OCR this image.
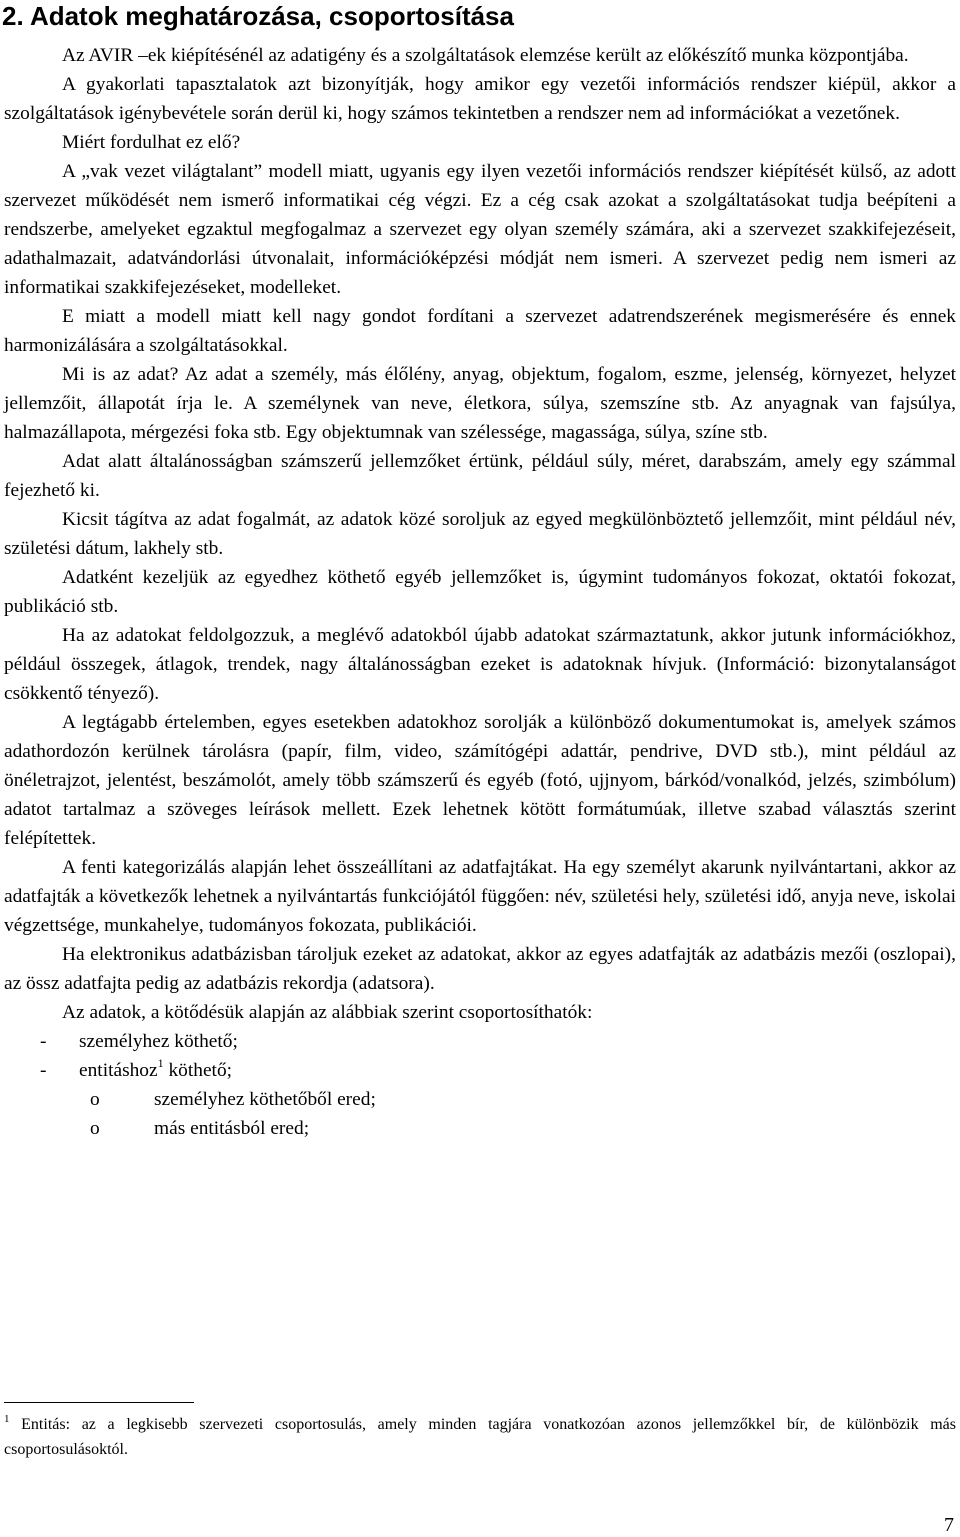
2. Adatok meghatározása, csoportosítása

Az AVIR –ek kiépítésénél az adatigény és a szolgáltatások elemzése került az előkészítő munka központjába.

A gyakorlati tapasztalatok azt bizonyítják, hogy amikor egy vezetői információs rendszer kiépül, akkor a szolgáltatások igénybevétele során derül ki, hogy számos tekintetben a rendszer nem ad információkat a vezetőnek.

Miért fordulhat ez elő?

A „vak vezet világtalant” modell miatt, ugyanis egy ilyen vezetői információs rendszer kiépítését külső, az adott szervezet működését nem ismerő informatikai cég végzi. Ez a cég csak azokat a szolgáltatásokat tudja beépíteni a rendszerbe, amelyeket egzaktul megfogalmaz a szervezet egy olyan személy számára, aki a szervezet szakkifejezéseit, adathalmazait, adatvándorlási útvonalait, információképzési módját nem ismeri. A szervezet pedig nem ismeri az informatikai szakkifejezéseket, modelleket.

E miatt a modell miatt kell nagy gondot fordítani a szervezet adatrendszerének megismerésére és ennek harmonizálására a szolgáltatásokkal.

Mi is az adat? Az adat a személy, más élőlény, anyag, objektum, fogalom, eszme, jelenség, környezet, helyzet jellemzőit, állapotát írja le. A személynek van neve, életkora, súlya, szemszíne stb. Az anyagnak van fajsúlya, halmazállapota, mérgezési foka stb. Egy objektumnak van szélessége, magassága, súlya, színe stb.

Adat alatt általánosságban számszerű jellemzőket értünk, például súly, méret, darabszám, amely egy számmal fejezhető ki.

Kicsit tágítva az adat fogalmát, az adatok közé soroljuk az egyed megkülönböztető jellemzőit, mint például név, születési dátum, lakhely stb.

Adatként kezeljük az egyedhez köthető egyéb jellemzőket is, úgymint tudományos fokozat, oktatói fokozat, publikáció stb.

Ha az adatokat feldolgozzuk, a meglévő adatokból újabb adatokat származtatunk, akkor jutunk információkhoz, például összegek, átlagok, trendek, nagy általánosságban ezeket is adatoknak hívjuk. (Információ: bizonytalanságot csökkentő tényező).

A legtágabb értelemben, egyes esetekben adatokhoz sorolják a különböző dokumentumokat is, amelyek számos adathordozón kerülnek tárolásra (papír, film, video, számítógépi adattár, pendrive, DVD stb.), mint például az önéletrajzot, jelentést, beszámolót, amely több számszerű és egyéb (fotó, ujjnyom, bárkód/vonalkód, jelzés, szimbólum) adatot tartalmaz a szöveges leírások mellett. Ezek lehetnek kötött formátumúak, illetve szabad választás szerint felépítettek.

A fenti kategorizálás alapján lehet összeállítani az adatfajtákat. Ha egy személyt akarunk nyilvántartani, akkor az adatfajták a következők lehetnek a nyilvántartás funkciójától függően: név, születési hely, születési idő, anyja neve, iskolai végzettsége, munkahelye, tudományos fokozata, publikációi.

Ha elektronikus adatbázisban tároljuk ezeket az adatokat, akkor az egyes adatfajták az adatbázis mezői (oszlopai), az össz adatfajta pedig az adatbázis rekordja (adatsora).

Az adatok, a kötődésük alapján az alábbiak szerint csoportosíthatók:

- személyhez köthető;
- entitáshoz$^1$ köthető;
o	személyhez köthetőből ered;
o	más entitásból ered;

$^1$ Entitás: az a legkisebb szervezeti csoportosulás, amely minden tagjára vonatkozóan azonos jellemzőkkel bír, de különbözik más csoportosulásoktól.

7
